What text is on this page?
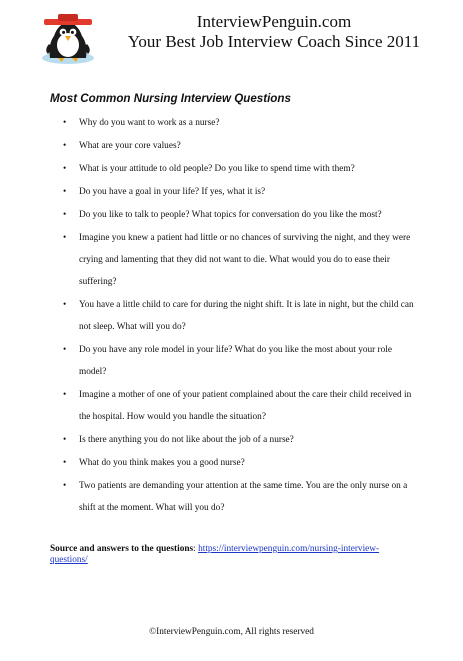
InterviewPenguin.com
Your Best Job Interview Coach Since 2011
Most Common Nursing Interview Questions
• Why do you want to work as a nurse?
• What are your core values?
• What is your attitude to old people? Do you like to spend time with them?
• Do you have a goal in your life? If yes, what it is?
• Do you like to talk to people? What topics for conversation do you like the most?
• Imagine you knew a patient had little or no chances of surviving the night, and they were crying and lamenting that they did not want to die. What would you do to ease their suffering?
• You have a little child to care for during the night shift. It is late in night, but the child can not sleep. What will you do?
• Do you have any role model in your life? What do you like the most about your role model?
• Imagine a mother of one of your patient complained about the care their child received in the hospital. How would you handle the situation?
• Is there anything you do not like about the job of a nurse?
• What do you think makes you a good nurse?
• Two patients are demanding your attention at the same time. You are the only nurse on a shift at the moment. What will you do?
Source and answers to the questions: https://interviewpenguin.com/nursing-interview-questions/
©InterviewPenguin.com, All rights reserved
